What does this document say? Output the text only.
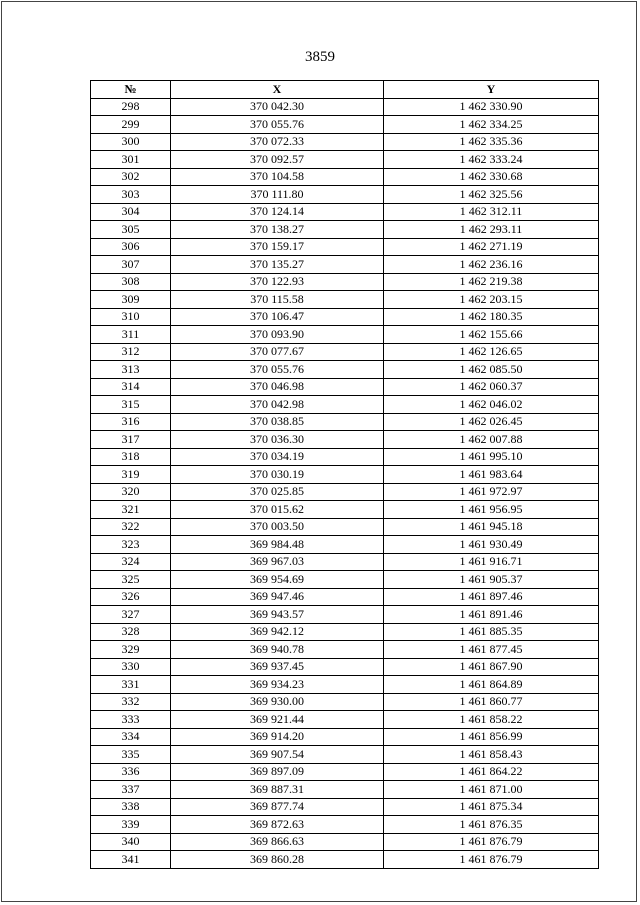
3859
№	X	Y
298	370 042.30	1 462 330.90
299	370 055.76	1 462 334.25
300	370 072.33	1 462 335.36
301	370 092.57	1 462 333.24
302	370 104.58	1 462 330.68
303	370 111.80	1 462 325.56
304	370 124.14	1 462 312.11
305	370 138.27	1 462 293.11
306	370 159.17	1 462 271.19
307	370 135.27	1 462 236.16
308	370 122.93	1 462 219.38
309	370 115.58	1 462 203.15
310	370 106.47	1 462 180.35
311	370 093.90	1 462 155.66
312	370 077.67	1 462 126.65
313	370 055.76	1 462 085.50
314	370 046.98	1 462 060.37
315	370 042.98	1 462 046.02
316	370 038.85	1 462 026.45
317	370 036.30	1 462 007.88
318	370 034.19	1 461 995.10
319	370 030.19	1 461 983.64
320	370 025.85	1 461 972.97
321	370 015.62	1 461 956.95
322	370 003.50	1 461 945.18
323	369 984.48	1 461 930.49
324	369 967.03	1 461 916.71
325	369 954.69	1 461 905.37
326	369 947.46	1 461 897.46
327	369 943.57	1 461 891.46
328	369 942.12	1 461 885.35
329	369 940.78	1 461 877.45
330	369 937.45	1 461 867.90
331	369 934.23	1 461 864.89
332	369 930.00	1 461 860.77
333	369 921.44	1 461 858.22
334	369 914.20	1 461 856.99
335	369 907.54	1 461 858.43
336	369 897.09	1 461 864.22
337	369 887.31	1 461 871.00
338	369 877.74	1 461 875.34
339	369 872.63	1 461 876.35
340	369 866.63	1 461 876.79
341	369 860.28	1 461 876.79
